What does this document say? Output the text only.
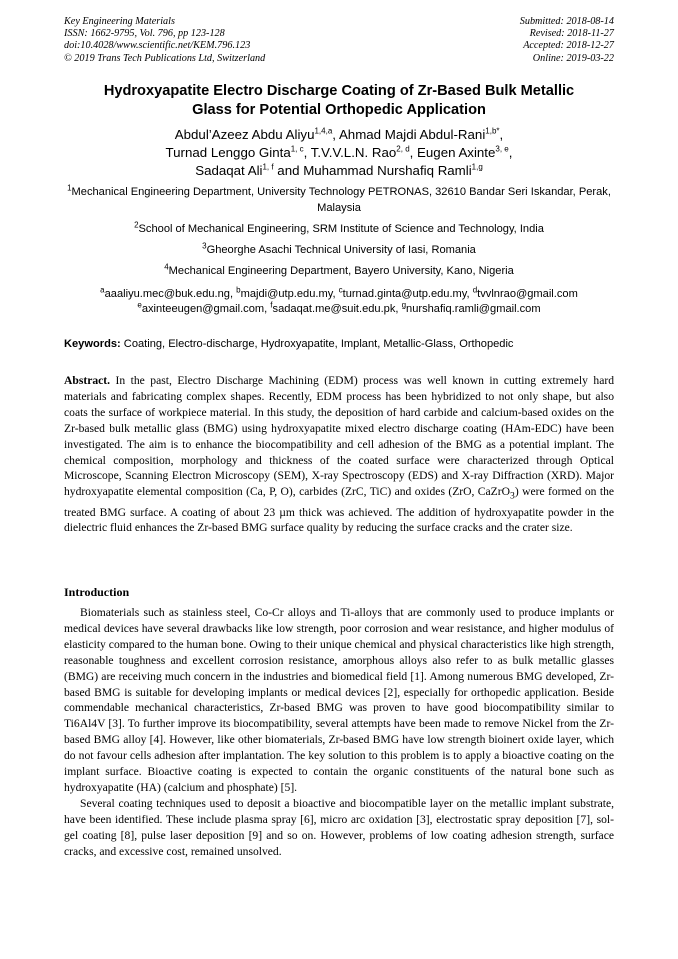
Key Engineering Materials
ISSN: 1662-9795, Vol. 796, pp 123-128
doi:10.4028/www.scientific.net/KEM.796.123
© 2019 Trans Tech Publications Ltd, Switzerland
Submitted: 2018-08-14
Revised: 2018-11-27
Accepted: 2018-12-27
Online: 2019-03-22
Hydroxyapatite Electro Discharge Coating of Zr-Based Bulk Metallic
Glass for Potential Orthopedic Application
Abdul’Azeez Abdu Aliyu$^{1,4,a}$, Ahmad Majdi Abdul-Rani$^{1,b*}$,
Turnad Lenggo Ginta$^{1, c}$, T.V.V.L.N. Rao$^{2, d}$, Eugen Axinte$^{3, e}$,
Sadaqat Ali$^{1, f}$ and Muhammad Nurshafiq Ramli$^{1,g}$
$^1$Mechanical Engineering Department, University Technology PETRONAS, 32610 Bandar Seri Iskandar, Perak, Malaysia
$^2$School of Mechanical Engineering, SRM Institute of Science and Technology, India
$^3$Gheorghe Asachi Technical University of Iasi, Romania
$^4$Mechanical Engineering Department, Bayero University, Kano, Nigeria
$^a$aaaliyu.mec@buk.edu.ng, $^b$majdi@utp.edu.my, $^c$turnad.ginta@utp.edu.my, $^d$tvvlnrao@gmail.com
$^e$axinteeugen@gmail.com, $^f$sadaqat.me@suit.edu.pk, $^g$nurshafiq.ramli@gmail.com
Keywords: Coating, Electro-discharge, Hydroxyapatite, Implant, Metallic-Glass, Orthopedic
Abstract. In the past, Electro Discharge Machining (EDM) process was well known in cutting extremely hard materials and fabricating complex shapes. Recently, EDM process has been hybridized to not only shape, but also coats the surface of workpiece material. In this study, the deposition of hard carbide and calcium-based oxides on the Zr-based bulk metallic glass (BMG) using hydroxyapatite mixed electro discharge coating (HAm-EDC) have been investigated. The aim is to enhance the biocompatibility and cell adhesion of the BMG as a potential implant. The chemical composition, morphology and thickness of the coated surface were characterized through Optical Microscope, Scanning Electron Microscopy (SEM), X-ray Spectroscopy (EDS) and X-ray Diffraction (XRD). Major hydroxyapatite elemental composition (Ca, P, O), carbides (ZrC, TiC) and oxides (ZrO, CaZrO$_3$) were formed on the treated BMG surface. A coating of about 23 µm thick was achieved. The addition of hydroxyapatite powder in the dielectric fluid enhances the Zr-based BMG surface quality by reducing the surface cracks and the crater size.
Introduction

Biomaterials such as stainless steel, Co-Cr alloys and Ti-alloys that are commonly used to produce implants or medical devices have several drawbacks like low strength, poor corrosion and wear resistance, and higher modulus of elasticity compared to the human bone. Owing to their unique chemical and physical characteristics like high strength, reasonable toughness and excellent corrosion resistance, amorphous alloys also refer to as bulk metallic glasses (BMG) are receiving much concern in the industries and biomedical field [1]. Among numerous BMG developed, Zr-based BMG is suitable for developing implants or medical devices [2], especially for orthopedic application. Beside commendable mechanical characteristics, Zr-based BMG was proven to have good biocompatibility similar to Ti6Al4V [3]. To further improve its biocompatibility, several attempts have been made to remove Nickel from the Zr-based BMG alloy [4]. However, like other biomaterials, Zr-based BMG have low strength bioinert oxide layer, which do not favour cells adhesion after implantation. The key solution to this problem is to apply a bioactive coating on the implant surface. Bioactive coating is expected to contain the organic constituents of the natural bone such as hydroxyapatite (HA) (calcium and phosphate) [5].

Several coating techniques used to deposit a bioactive and biocompatible layer on the metallic implant substrate, have been identified. These include plasma spray [6], micro arc oxidation [3], electrostatic spray deposition [7], sol-gel coating [8], pulse laser deposition [9] and so on. However, problems of low coating adhesion strength, surface cracks, and excessive cost, remained unsolved.
